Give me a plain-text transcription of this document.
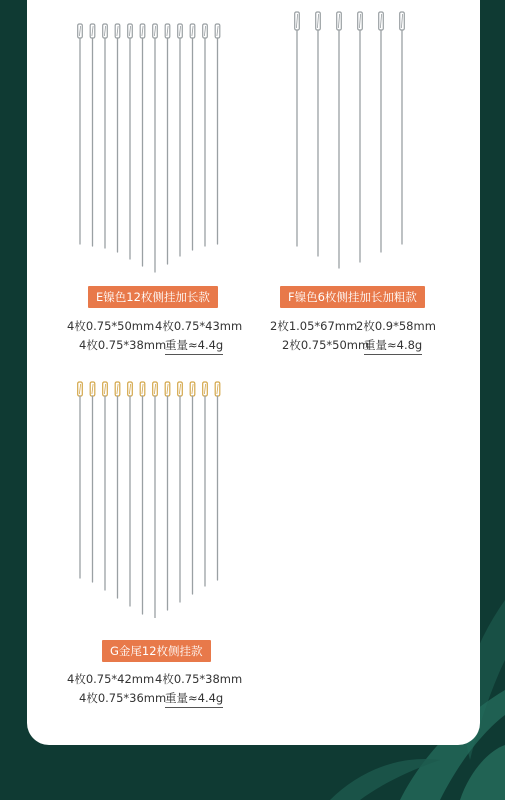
E镍色12枚侧挂加长款
4枚0.75*50mm 4枚0.75*43mm
4枚0.75*38mm
重量≈4.4g
F镍色6枚侧挂加长加粗款
2枚1.05*67mm
2枚0.9*58mm
2枚0.75*50mm
重量≈4.8g
G金尾12枚侧挂款
4枚0.75*42mm 4枚0.75*38mm
4枚0.75*36mm
重量≈4.4g
